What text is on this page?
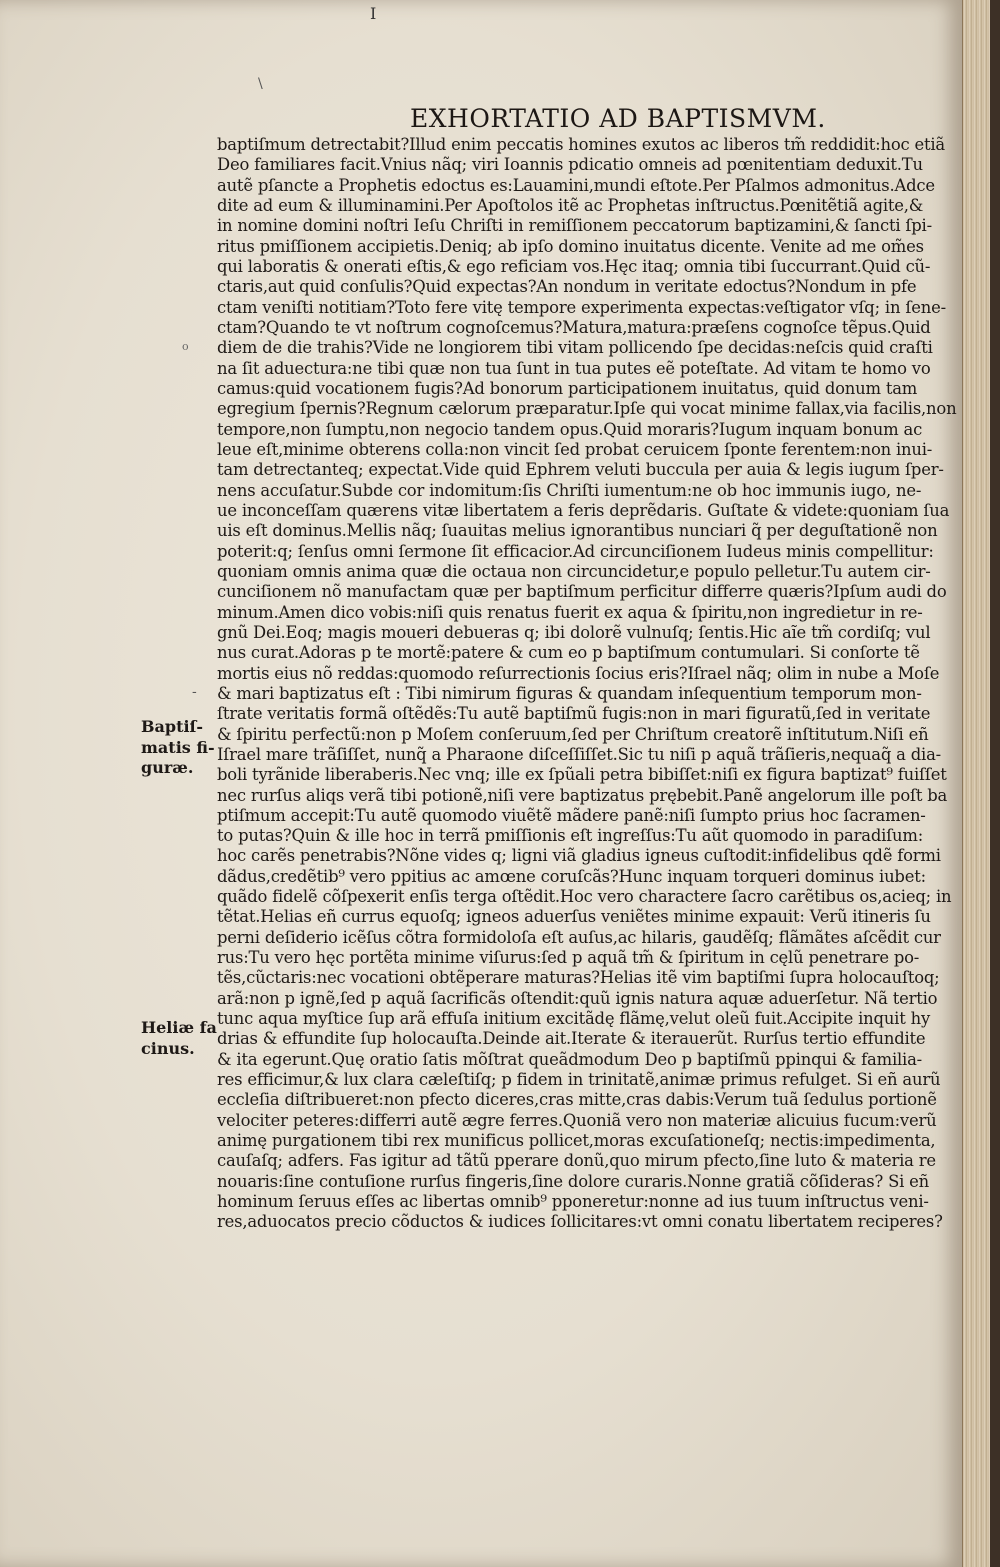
I
\
o
-
EXHORTATIO AD BAPTISMVM.
baptiſmum detrectabit?Illud enim peccatis homines exutos ac liberos tm̃ reddidit:hoc etiã
Deo familiares facit.Vnius nãq; viri Ioannis pdicatio omneis ad pœnitentiam deduxit.Tu
autẽ pſancte a Prophetis edoctus es:Lauamini,mundi eſtote.Per Pſalmos admonitus.Adce
dite ad eum & illuminamini.Per Apoſtolos itẽ ac Prophetas inſtructus.Pœnitẽtiã agite,&
in nomine domini noſtri Ieſu Chriſti in remiſſionem peccatorum baptizamini,& ſancti ſpi-
ritus pmiſſionem accipietis.Deniq; ab ipſo domino inuitatus dicente. Venite ad me om̃es
qui laboratis & onerati eſtis,& ego reficiam vos.Hęc itaq; omnia tibi ſuccurrant.Quid cũ-
ctaris,aut quid conſulis?Quid expectas?An nondum in veritate edoctus?Nondum in pfe
ctam veniſti notitiam?Toto fere vitę tempore experimenta expectas:veſtigator vſq; in ſene-
ctam?Quando te vt noſtrum cognoſcemus?Matura,matura:præſens cognoſce tẽpus.Quid
diem de die trahis?Vide ne longiorem tibi vitam pollicendo ſpe decidas:neſcis quid craſti
na ſit aduectura:ne tibi quæ non tua ſunt in tua putes eẽ poteſtate. Ad vitam te homo vo
camus:quid vocationem fugis?Ad bonorum participationem inuitatus, quid donum tam
egregium ſpernis?Regnum cælorum præparatur.Ipſe qui vocat minime fallax,via facilis,non
tempore,non ſumptu,non negocio tandem opus.Quid moraris?Iugum inquam bonum ac
leue eſt,minime obterens colla:non vincit ſed probat ceruicem ſponte ferentem:non inui-
tam detrectanteq; expectat.Vide quid Ephrem veluti buccula per auia & legis iugum ſper-
nens accuſatur.Subde cor indomitum:ſis Chriſti iumentum:ne ob hoc immunis iugo, ne-
ue inconceſſam quærens vitæ libertatem a feris deprẽdaris. Guſtate & videte:quoniam ſua
uis eſt dominus.Mellis nãq; ſuauitas melius ignorantibus nunciari q̃ per deguſtationẽ non
poterit:q; ſenſus omni ſermone ſit efficacior.Ad circunciſionem Iudeus minis compellitur:
quoniam omnis anima quæ die octaua non circuncidetur,e populo pelletur.Tu autem cir-
cunciſionem nõ manufactam quæ per baptiſmum perficitur differre quæris?Ipſum audi do
minum.Amen dico vobis:niſi quis renatus fuerit ex aqua & ſpiritu,non ingredietur in re-
gnũ Dei.Eoq; magis moueri debueras q; ibi dolorẽ vulnuſq; ſentis.Hic aĩe tm̃ cordiſq; vul
nus curat.Adoras p te mortẽ:patere & cum eo p baptiſmum contumulari. Si conſorte tẽ
mortis eius nõ reddas:quomodo reſurrectionis ſocius eris?Iſrael nãq; olim in nube a Moſe
& mari baptizatus eſt : Tibi nimirum figuras & quandam inſequentium temporum mon-
ſtrate veritatis formã oſtẽdẽs:Tu autẽ baptiſmũ fugis:non in mari figuratũ,ſed in veritate
& ſpiritu perfectũ:non p Moſem conſeruum,ſed per Chriſtum creatorẽ inſtitutum.Niſi eñ
Iſrael mare trãſiſſet, nunq̃ a Pharaone diſceſſiſſet.Sic tu niſi p aquã trãſieris,nequaq̃ a dia-
boli tyrãnide liberaberis.Nec vnq; ille ex ſpũali petra bibiſſet:niſi ex figura baptizat⁹ fuiſſet
nec rurſus aliqs verã tibi potionẽ,niſi vere baptizatus prębebit.Panẽ angelorum ille poſt ba
ptiſmum accepit:Tu autẽ quomodo viuẽtẽ mãdere panẽ:niſi ſumpto prius hoc ſacramen-
to putas?Quin & ille hoc in terrã pmiſſionis eſt ingreſſus:Tu aũt quomodo in paradiſum:
hoc carẽs penetrabis?Nõne vides q; ligni viã gladius igneus cuſtodit:infidelibus qdẽ formi
dãdus,credẽtib⁹ vero ppitius ac amœne coruſcãs?Hunc inquam torqueri dominus iubet:
quãdo fidelẽ cõſpexerit enſis terga oſtẽdit.Hoc vero charactere ſacro carẽtibus os,acieq; in
tẽtat.Helias eñ currus equoſq; igneos aduerſus veniẽtes minime expauit: Verũ itineris ſu
perni deſiderio icẽſus cõtra formidoloſa eſt auſus,ac hilaris, gaudẽſq; flãmãtes aſcẽdit cur
rus:Tu vero hęc portẽta minime viſurus:ſed p aquã tm̃ & ſpiritum in cęlũ penetrare po-
tẽs,cũctaris:nec vocationi obtẽperare maturas?Helias itẽ vim baptiſmi ſupra holocauſtoq;
arã:non p ignẽ,ſed p aquã ſacrificãs oſtendit:quũ ignis natura aquæ aduerſetur. Nã tertio
tunc aqua myſtice ſup arã effuſa initium excitãdę flãmę,velut oleũ fuit.Accipite inquit hy
drias & effundite ſup holocauſta.Deinde ait.Iterate & iterauerũt. Rurſus tertio effundite
& ita egerunt.Quę oratio ſatis mõſtrat queãdmodum Deo p baptiſmũ ppinqui & familia-
res efficimur,& lux clara cæleſtiſq; p fidem in trinitatẽ,animæ primus refulget. Si eñ aurũ
eccleſia diſtribueret:non pfecto diceres,cras mitte,cras dabis:Verum tuã ſedulus portionẽ
velociter peteres:differri autẽ ægre ferres.Quoniã vero non materiæ alicuius fucum:verũ
animę purgationem tibi rex munificus pollicet,moras excuſationeſq; nectis:impedimenta,
cauſaſq; adfers. Fas igitur ad tãtũ pperare donũ,quo mirum pfecto,ſine luto & materia re
nouaris:ſine contuſione rurſus fingeris,ſine dolore curaris.Nonne gratiã cõſideras? Si eñ
hominum ſeruus eſſes ac libertas omnib⁹ pponeretur:nonne ad ius tuum inſtructus veni-
res,aduocatos precio cõductos & iudices ſollicitares:vt omni conatu libertatem reciperes?
Baptiſ-
matis fi-
guræ.
Heliæ fa
cinus.
